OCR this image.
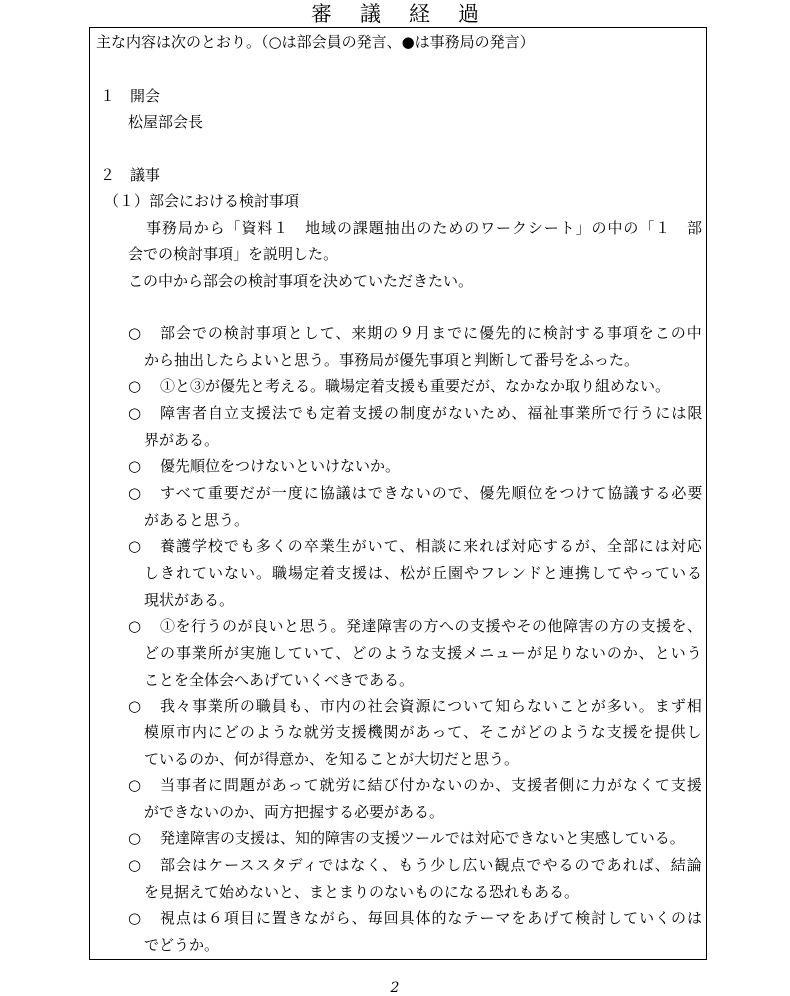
審議経過
主な内容は次のとおり。（○は部会員の発言、●は事務局の発言）
１　開会
松屋部会長
２　議事
（１）部会における検討事項
事務局から「資料１　地域の課題抽出のためのワークシート」の中の「１　部
会での検討事項」を説明した。
この中から部会の検討事項を決めていただきたい。
○ 部会での検討事項として、来期の９月までに優先的に検討する事項をこの中
から抽出したらよいと思う。事務局が優先事項と判断して番号をふった。
○ ①と③が優先と考える。職場定着支援も重要だが、なかなか取り組めない。
○ 障害者自立支援法でも定着支援の制度がないため、福祉事業所で行うには限
界がある。
○ 優先順位をつけないといけないか。
○ すべて重要だが一度に協議はできないので、優先順位をつけて協議する必要
があると思う。
○ 養護学校でも多くの卒業生がいて、相談に来れば対応するが、全部には対応
しきれていない。職場定着支援は、松が丘園やフレンドと連携してやっている
現状がある。
○ ①を行うのが良いと思う。発達障害の方への支援やその他障害の方の支援を、
どの事業所が実施していて、どのような支援メニューが足りないのか、という
ことを全体会へあげていくべきである。
○ 我々事業所の職員も、市内の社会資源について知らないことが多い。まず相
模原市内にどのような就労支援機関があって、そこがどのような支援を提供し
ているのか、何が得意か、を知ることが大切だと思う。
○ 当事者に問題があって就労に結び付かないのか、支援者側に力がなくて支援
ができないのか、両方把握する必要がある。
○ 発達障害の支援は、知的障害の支援ツールでは対応できないと実感している。
○ 部会はケーススタディではなく、もう少し広い観点でやるのであれば、結論
を見据えて始めないと、まとまりのないものになる恐れもある。
○ 視点は６項目に置きながら、毎回具体的なテーマをあげて検討していくのは
でどうか。
2
